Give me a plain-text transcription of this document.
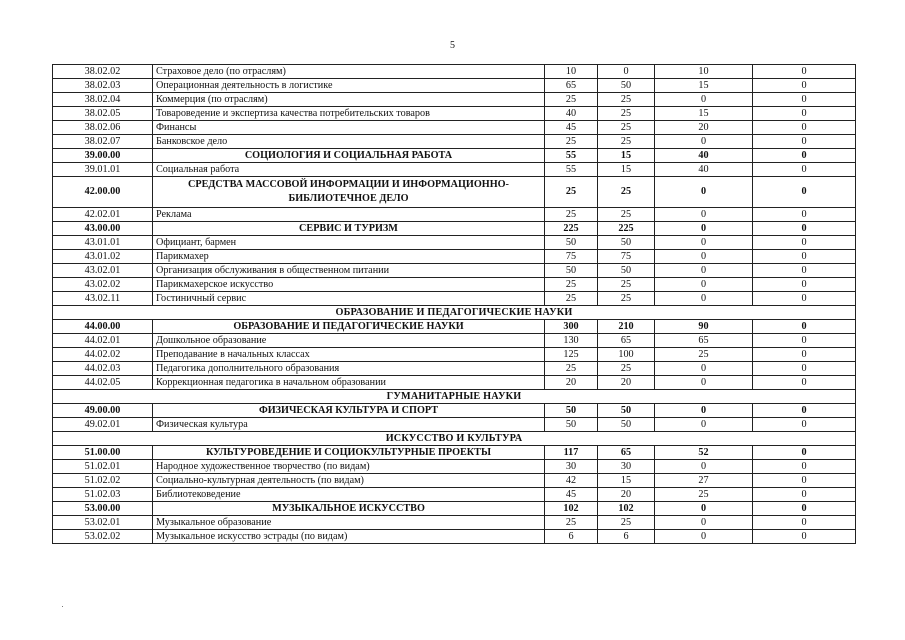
5
38.02.02	Страховое дело (по отраслям)	10	0	10	0
38.02.03	Операционная деятельность в логистике	65	50	15	0
38.02.04	Коммерция (по отраслям)	25	25	0	0
38.02.05	Товароведение и экспертиза качества потребительских товаров	40	25	15	0
38.02.06	Финансы	45	25	20	0
38.02.07	Банковское дело	25	25	0	0
39.00.00	СОЦИОЛОГИЯ И СОЦИАЛЬНАЯ РАБОТА	55	15	40	0
39.01.01	Социальная работа	55	15	40	0
42.00.00	СРЕДСТВА МАССОВОЙ ИНФОРМАЦИИ И ИНФОРМАЦИОННО-БИБЛИОТЕЧНОЕ ДЕЛО	25	25	0	0
42.02.01	Реклама	25	25	0	0
43.00.00	СЕРВИС И ТУРИЗМ	225	225	0	0
43.01.01	Официант, бармен	50	50	0	0
43.01.02	Парикмахер	75	75	0	0
43.02.01	Организация обслуживания в общественном питании	50	50	0	0
43.02.02	Парикмахерское искусство	25	25	0	0
43.02.11	Гостиничный сервис	25	25	0	0
ОБРАЗОВАНИЕ И ПЕДАГОГИЧЕСКИЕ НАУКИ					
44.00.00	ОБРАЗОВАНИЕ И ПЕДАГОГИЧЕСКИЕ НАУКИ	300	210	90	0
44.02.01	Дошкольное образование	130	65	65	0
44.02.02	Преподавание в начальных классах	125	100	25	0
44.02.03	Педагогика дополнительного образования	25	25	0	0
44.02.05	Коррекционная педагогика в начальном образовании	20	20	0	0
ГУМАНИТАРНЫЕ НАУКИ					
49.00.00	ФИЗИЧЕСКАЯ КУЛЬТУРА И СПОРТ	50	50	0	0
49.02.01	Физическая культура	50	50	0	0
ИСКУССТВО И КУЛЬТУРА					
51.00.00	КУЛЬТУРОВЕДЕНИЕ И СОЦИОКУЛЬТУРНЫЕ ПРОЕКТЫ	117	65	52	0
51.02.01	Народное художественное творчество (по видам)	30	30	0	0
51.02.02	Социально-культурная деятельность (по видам)	42	15	27	0
51.02.03	Библиотековедение	45	20	25	0
53.00.00	МУЗЫКАЛЬНОЕ ИСКУССТВО	102	102	0	0
53.02.01	Музыкальное образование	25	25	0	0
53.02.02	Музыкальное искусство эстрады (по видам)	6	6	0	0
